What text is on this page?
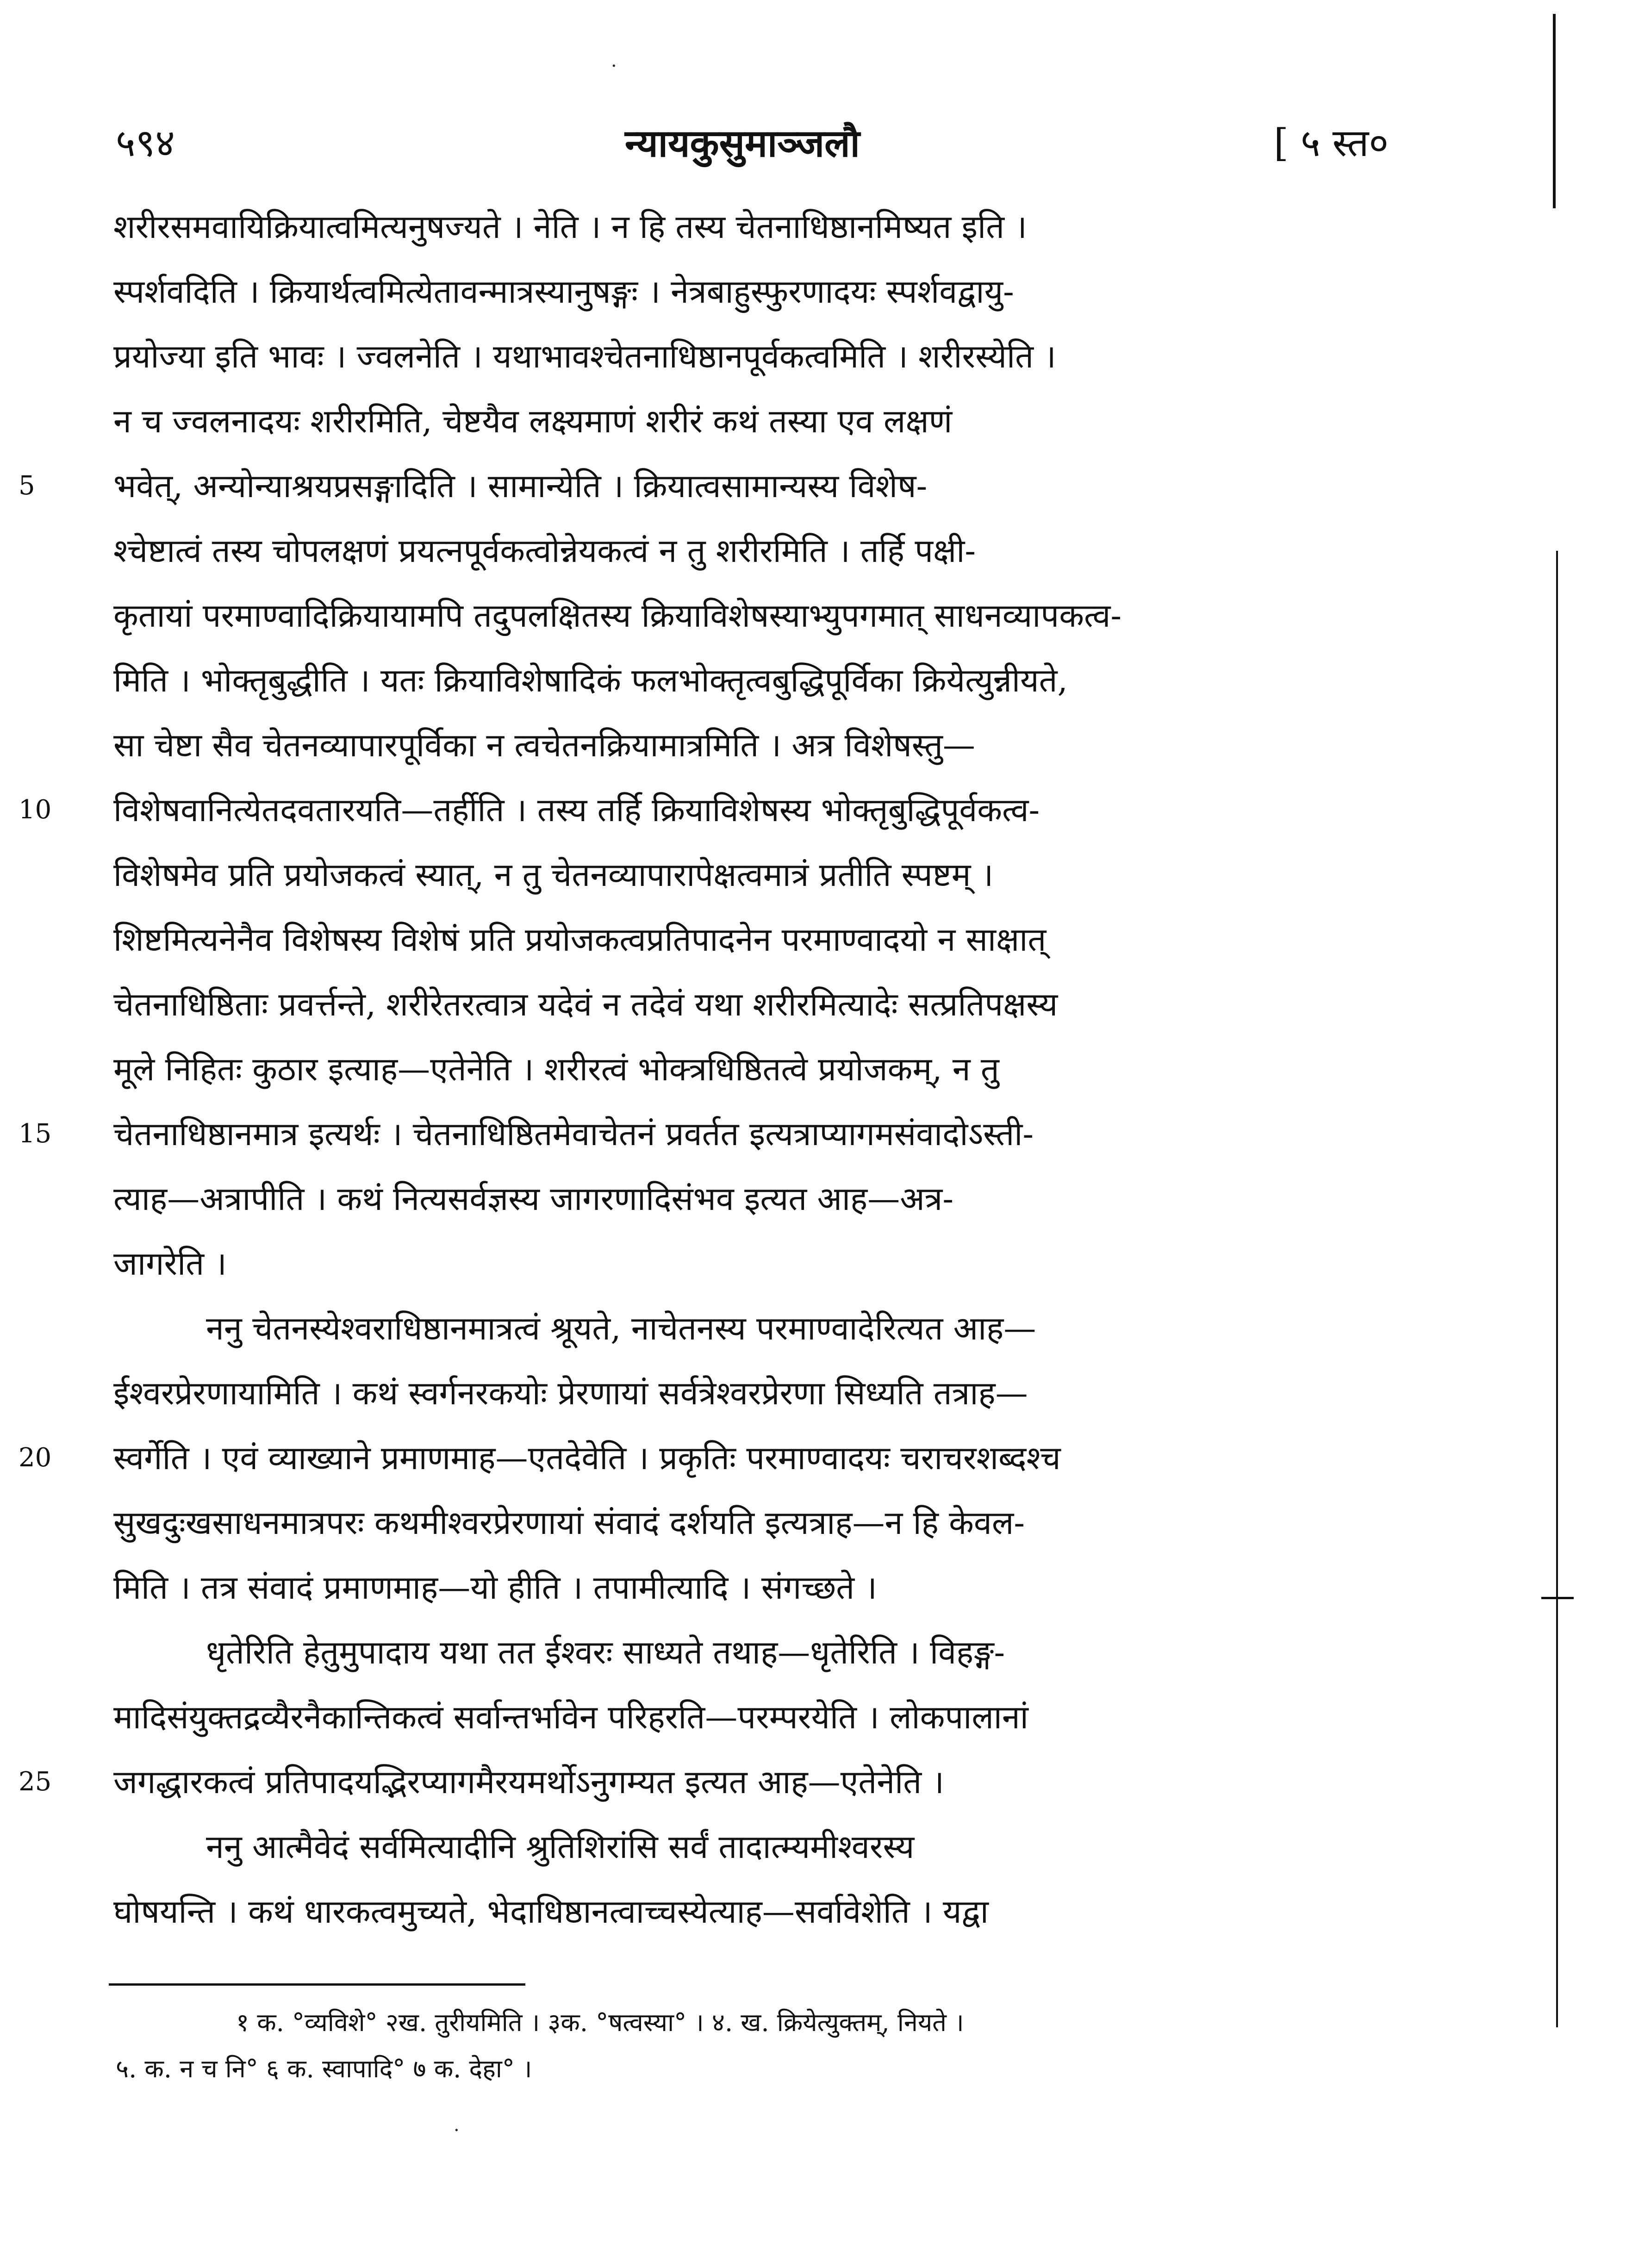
५९४	न्यायकुसुमाञ्जलौ	[ ५ स्त०
5
10
15
20
25
शरीरसमवायिक्रियात्वमित्यनुषज्यते । नेति । न हि तस्य चेतनाधिष्ठानमिष्यत इति ।
स्पर्शवदिति । क्रियार्थत्वमित्येतावन्मात्रस्यानुषङ्गः । नेत्रबाहुस्फुरणादयः स्पर्शवद्वायु-
प्रयोज्या इति भावः । ज्वलनेति । यथाभावश्चेतनाधिष्ठानपूर्वकत्वमिति । शरीरस्येति ।
न च ज्वलनादयः शरीरमिति, चेष्टयैव लक्ष्यमाणं शरीरं कथं तस्या एव लक्षणं
भवेत्, अन्योन्याश्रयप्रसङ्गादिति । सामान्येति । क्रियात्वसामान्यस्य विशेष-
श्चेष्टात्वं तस्य चोपलक्षणं प्रयत्नपूर्वकत्वोन्नेयकत्वं न तु शरीरमिति । तर्हि पक्षी-
कृतायां परमाण्वादिक्रियायामपि तदुपलक्षितस्य क्रियाविशेषस्याभ्युपगमात् साधनव्यापकत्व-
मिति । भोक्तृबुद्धीति । यतः क्रियाविशेषादिकं फलभोक्तृत्वबुद्धिपूर्विका क्रियेत्युन्नीयते,
सा चेष्टा सैव चेतनव्यापारपूर्विका न त्वचेतनक्रियामात्रमिति । अत्र विशेषस्तु—
विशेषवानित्येतदवतारयति—तर्हीति । तस्य तर्हि क्रियाविशेषस्य भोक्तृबुद्धिपूर्वकत्व-
विशेषमेव प्रति प्रयोजकत्वं स्यात्, न तु चेतनव्यापारापेक्षत्वमात्रं प्रतीति स्पष्टम् ।
शिष्टमित्यनेनैव विशेषस्य विशेषं प्रति प्रयोजकत्वप्रतिपादनेन परमाण्वादयो न साक्षात्
चेतनाधिष्ठिताः प्रवर्त्तन्ते, शरीरेतरत्वात्र यदेवं न तदेवं यथा शरीरमित्यादेः सत्प्रतिपक्षस्य
मूले निहितः कुठार इत्याह—एतेनेति । शरीरत्वं भोक्त्रधिष्ठितत्वे प्रयोजकम्, न तु
चेतनाधिष्ठानमात्र इत्यर्थः । चेतनाधिष्ठितमेवाचेतनं प्रवर्तत इत्यत्राप्यागमसंवादोऽस्ती-
त्याह—अत्रापीति । कथं नित्यसर्वज्ञस्य जागरणादिसंभव इत्यत आह—अत्र-
जागरेति ।
ननु चेतनस्येश्वराधिष्ठानमात्रत्वं श्रूयते, नाचेतनस्य परमाण्वादेरित्यत आह—
ईश्वरप्रेरणायामिति । कथं स्वर्गनरकयोः प्रेरणायां सर्वत्रेश्वरप्रेरणा सिध्यति तत्राह—
स्वर्गेति । एवं व्याख्याने प्रमाणमाह—एतदेवेति । प्रकृतिः परमाण्वादयः चराचरशब्दश्च
सुखदुःखसाधनमात्रपरः कथमीश्वरप्रेरणायां संवादं दर्शयति इत्यत्राह—न हि केवल-
मिति । तत्र संवादं प्रमाणमाह—यो हीति । तपामीत्यादि । संगच्छते ।
धृतेरिति हेतुमुपादाय यथा तत ईश्वरः साध्यते तथाह—धृतेरिति । विहङ्ग-
मादिसंयुक्तद्रव्यैरनैकान्तिकत्वं सर्वान्तर्भावेन परिहरति—परम्परयेति । लोकपालानां
जगद्धारकत्वं प्रतिपादयद्भिरप्यागमैरयमर्थोऽनुगम्यत इत्यत आह—एतेनेति ।
ननु आत्मैवेदं सर्वमित्यादीनि श्रुतिशिरांसि सर्वं तादात्म्यमीश्वरस्य
घोषयन्ति । कथं धारकत्वमुच्यते, भेदाधिष्ठानत्वाच्चस्येत्याह—सर्वावेशेति । यद्वा
१ क. °व्यविशे° २ख. तुरीयमिति । ३क. °षत्वस्या° । ४. ख. क्रियेत्युक्तम्, नियते ।
५. क. न च नि° ६ क. स्वापादि° ७ क. देहा° ।
·
·
